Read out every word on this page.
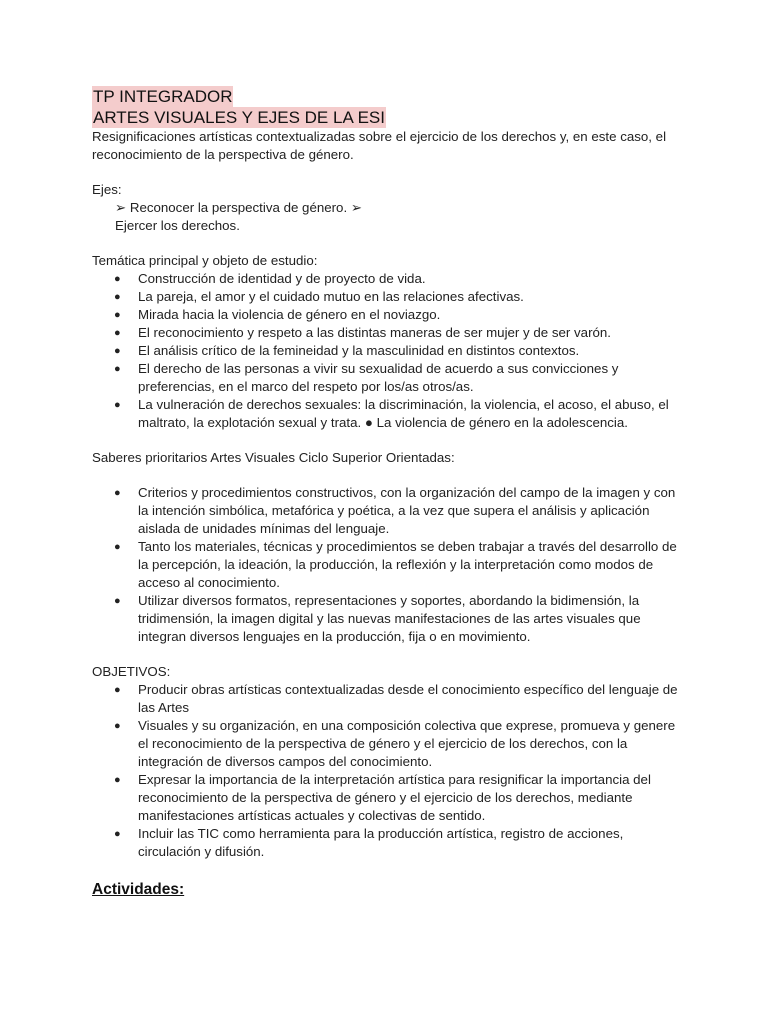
TP INTEGRADOR
ARTES VISUALES Y EJES DE LA ESI

Resignificaciones artísticas contextualizadas sobre el ejercicio de los derechos y, en este caso, el reconocimiento de la perspectiva de género.

Ejes:

➢ Reconocer la perspectiva de género. ➢
Ejercer los derechos.

Temática principal y objeto de estudio:

● Construcción de identidad y de proyecto de vida.
● La pareja, el amor y el cuidado mutuo en las relaciones afectivas.
● Mirada hacia la violencia de género en el noviazgo.
● El reconocimiento y respeto a las distintas maneras de ser mujer y de ser varón.
● El análisis crítico de la femineidad y la masculinidad en distintos contextos.
● El derecho de las personas a vivir su sexualidad de acuerdo a sus convicciones y preferencias, en el marco del respeto por los/as otros/as.
● La vulneración de derechos sexuales: la discriminación, la violencia, el acoso, el abuso, el maltrato, la explotación sexual y trata. ● La violencia de género en la adolescencia.

Saberes prioritarios Artes Visuales Ciclo Superior Orientadas:

● Criterios y procedimientos constructivos, con la organización del campo de la imagen y con la intención simbólica, metafórica y poética, a la vez que supera el análisis y aplicación aislada de unidades mínimas del lenguaje.
● Tanto los materiales, técnicas y procedimientos se deben trabajar a través del desarrollo de la percepción, la ideación, la producción, la reflexión y la interpretación como modos de acceso al conocimiento.
● Utilizar diversos formatos, representaciones y soportes, abordando la bidimensión, la tridimensión, la imagen digital y las nuevas manifestaciones de las artes visuales que integran diversos lenguajes en la producción, fija o en movimiento.

OBJETIVOS:

● Producir obras artísticas contextualizadas desde el conocimiento específico del lenguaje de las Artes
● Visuales y su organización, en una composición colectiva que exprese, promueva y genere el reconocimiento de la perspectiva de género y el ejercicio de los derechos, con la integración de diversos campos del conocimiento.
● Expresar la importancia de la interpretación artística para resignificar la importancia del reconocimiento de la perspectiva de género y el ejercicio de los derechos, mediante manifestaciones artísticas actuales y colectivas de sentido.
● Incluir las TIC como herramienta para la producción artística, registro de acciones, circulación y difusión.
Actividades:
